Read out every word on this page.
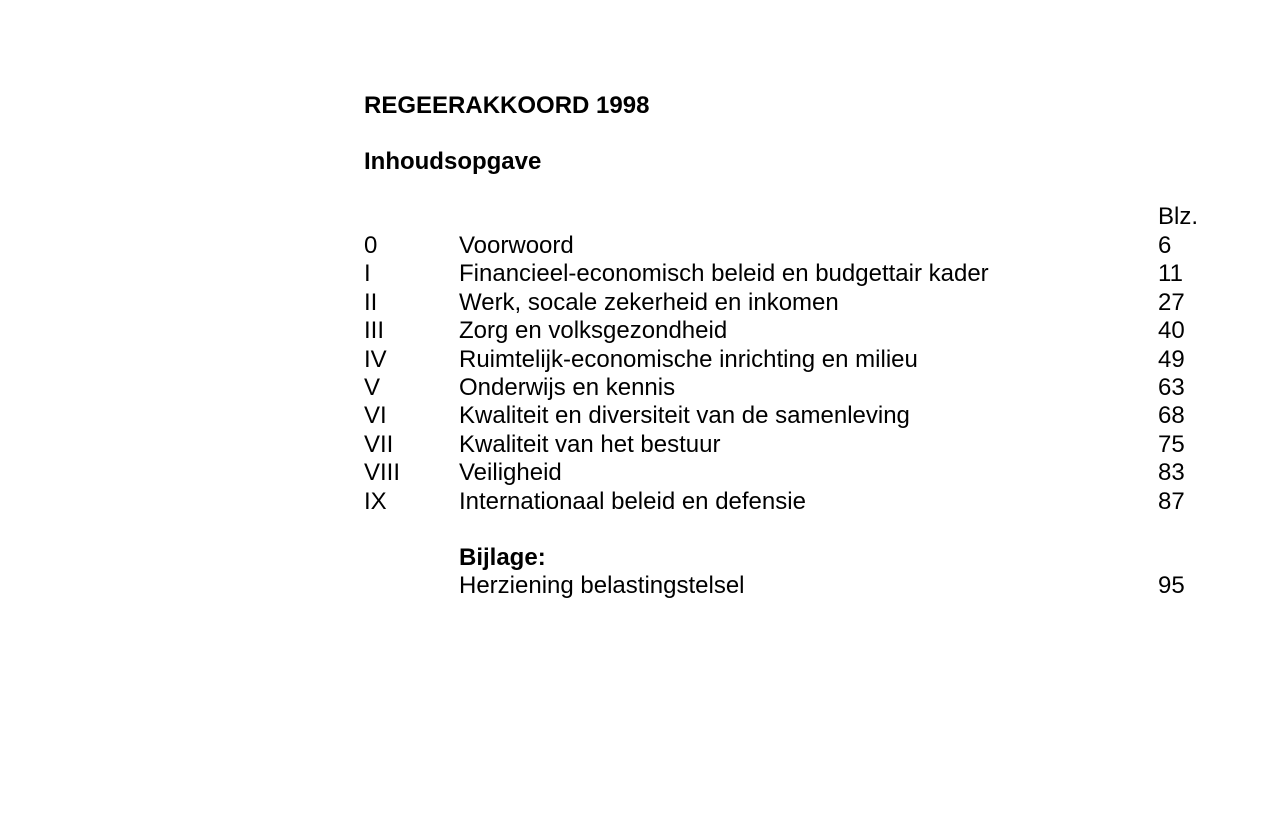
REGEERAKKOORD 1998
Inhoudsopgave
Blz.
0	Voorwoord	6
I	Financieel-economisch beleid en budgettair kader	11
II	Werk, socale zekerheid en inkomen	27
III	Zorg en volksgezondheid	40
IV	Ruimtelijk-economische inrichting en milieu	49
V	Onderwijs en kennis	63
VI	Kwaliteit en diversiteit van de samenleving	68
VII	Kwaliteit van het bestuur	75
VIII Veiligheid	83
IX	Internationaal beleid en defensie	87
Bijlage:
Herziening belastingstelsel	95
